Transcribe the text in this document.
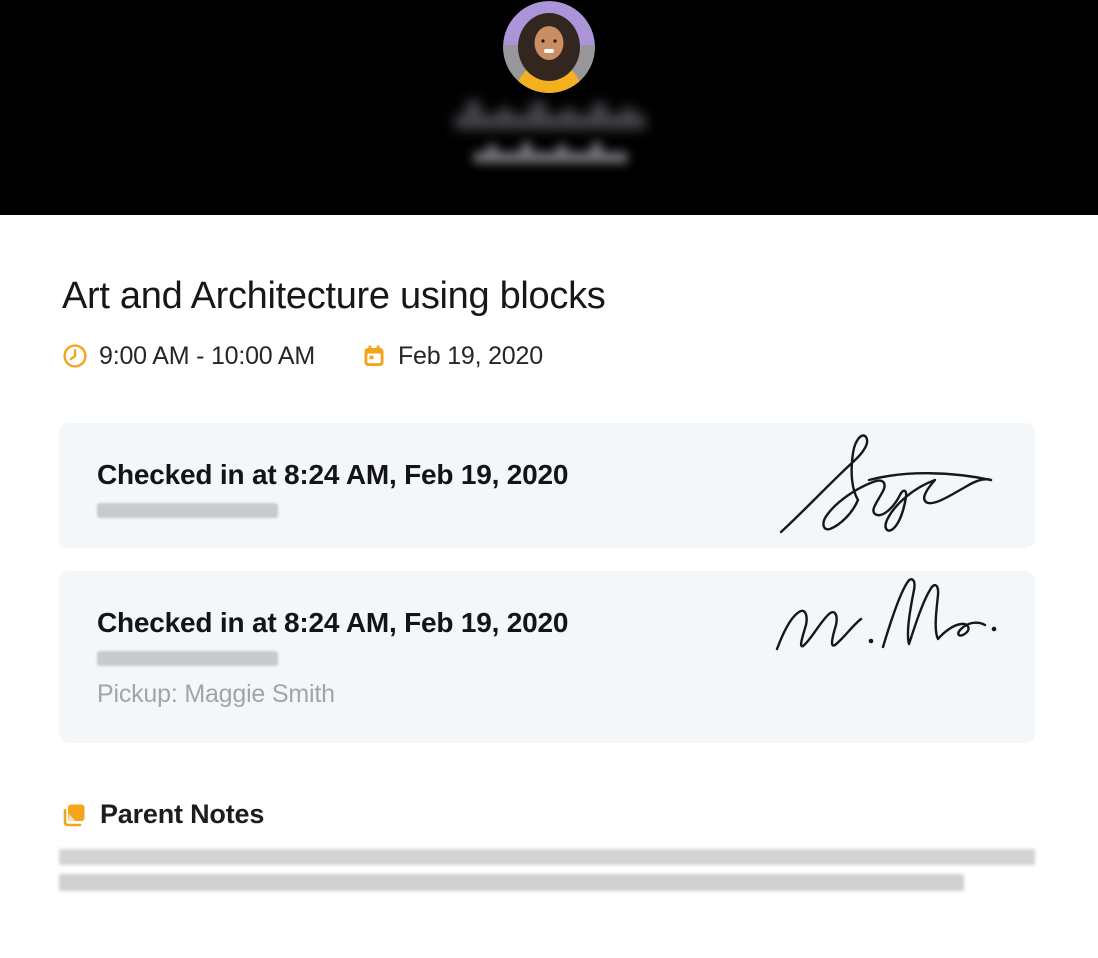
Art and Architecture using blocks
9:00 AM - 10:00 AM	Feb 19, 2020
Checked in at 8:24 AM, Feb 19, 2020
Checked in at 8:24 AM, Feb 19, 2020
Pickup: Maggie Smith
Parent Notes
